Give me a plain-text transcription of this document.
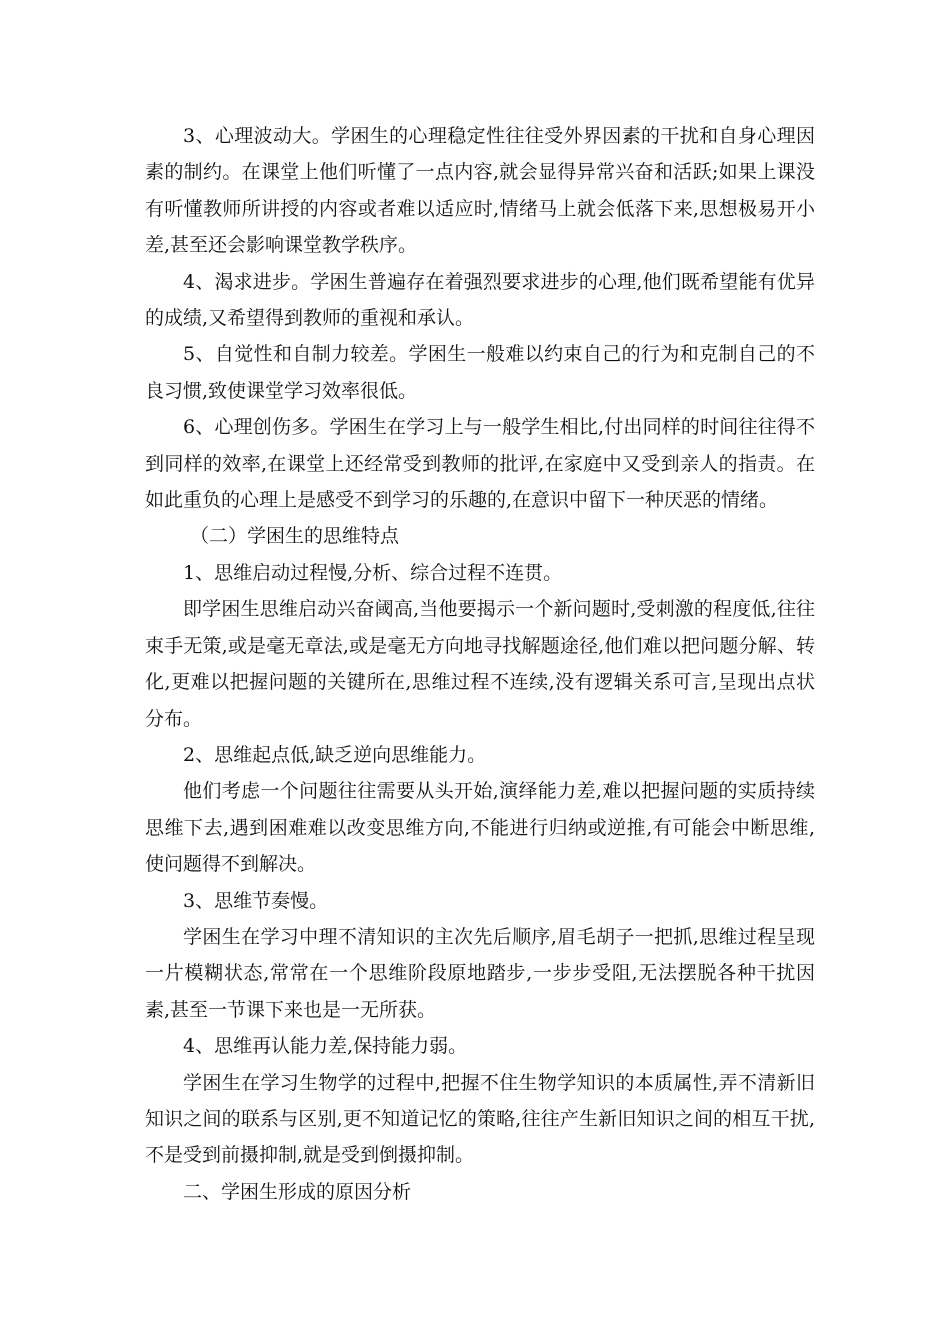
3、心理波动大。学困生的心理稳定性往往受外界因素的干扰和自身心理因素的制约。在课堂上他们听懂了一点内容,就会显得异常兴奋和活跃;如果上课没有听懂教师所讲授的内容或者难以适应时,情绪马上就会低落下来,思想极易开小差,甚至还会影响课堂教学秩序。

4、渴求进步。学困生普遍存在着强烈要求进步的心理,他们既希望能有优异的成绩,又希望得到教师的重视和承认。

5、自觉性和自制力较差。学困生一般难以约束自己的行为和克制自己的不良习惯,致使课堂学习效率很低。

6、心理创伤多。学困生在学习上与一般学生相比,付出同样的时间往往得不到同样的效率,在课堂上还经常受到教师的批评,在家庭中又受到亲人的指责。在如此重负的心理上是感受不到学习的乐趣的,在意识中留下一种厌恶的情绪。

（二）学困生的思维特点

1、思维启动过程慢,分析、综合过程不连贯。

即学困生思维启动兴奋阈高,当他要揭示一个新问题时,受刺激的程度低,往往束手无策,或是毫无章法,或是毫无方向地寻找解题途径,他们难以把问题分解、转化,更难以把握问题的关键所在,思维过程不连续,没有逻辑关系可言,呈现出点状分布。

2、思维起点低,缺乏逆向思维能力。

他们考虑一个问题往往需要从头开始,演绎能力差,难以把握问题的实质持续思维下去,遇到困难难以改变思维方向,不能进行归纳或逆推,有可能会中断思维,使问题得不到解决。

3、思维节奏慢。

学困生在学习中理不清知识的主次先后顺序,眉毛胡子一把抓,思维过程呈现一片模糊状态,常常在一个思维阶段原地踏步,一步步受阻,无法摆脱各种干扰因素,甚至一节课下来也是一无所获。

4、思维再认能力差,保持能力弱。

学困生在学习生物学的过程中,把握不住生物学知识的本质属性,弄不清新旧知识之间的联系与区别,更不知道记忆的策略,往往产生新旧知识之间的相互干扰,不是受到前摄抑制,就是受到倒摄抑制。

二、学困生形成的原因分析
